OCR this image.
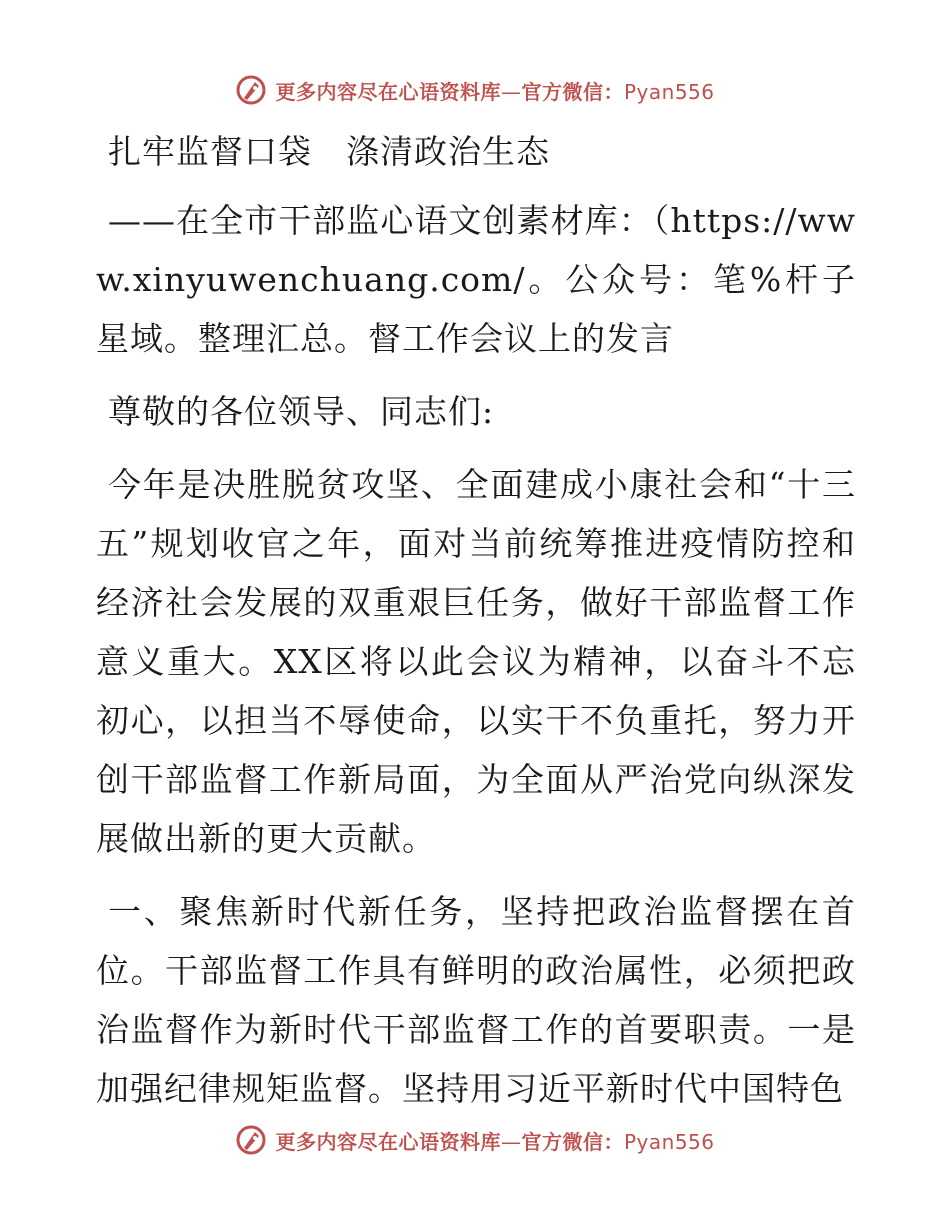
更多内容尽在心语资料库—官方微信：Pyan556

扎牢监督口袋　涤清政治生态

——在全市干部监心语文创素材库：（https://www.xinyuwenchuang.com/。公众号：笔%杆子星域。整理汇总。督工作会议上的发言

尊敬的各位领导、同志们:

今年是决胜脱贫攻坚、全面建成小康社会和“十三五”规划收官之年，面对当前统筹推进疫情防控和经济社会发展的双重艰巨任务，做好干部监督工作意义重大。XX区将以此会议为精神，以奋斗不忘初心，以担当不辱使命，以实干不负重托，努力开创干部监督工作新局面，为全面从严治党向纵深发展做出新的更大贡献。

一、聚焦新时代新任务，坚持把政治监督摆在首位。干部监督工作具有鲜明的政治属性，必须把政治监督作为新时代干部监督工作的首要职责。一是加强纪律规矩监督。坚持用习近平新时代中国特色

更多内容尽在心语资料库—官方微信：Pyan556
